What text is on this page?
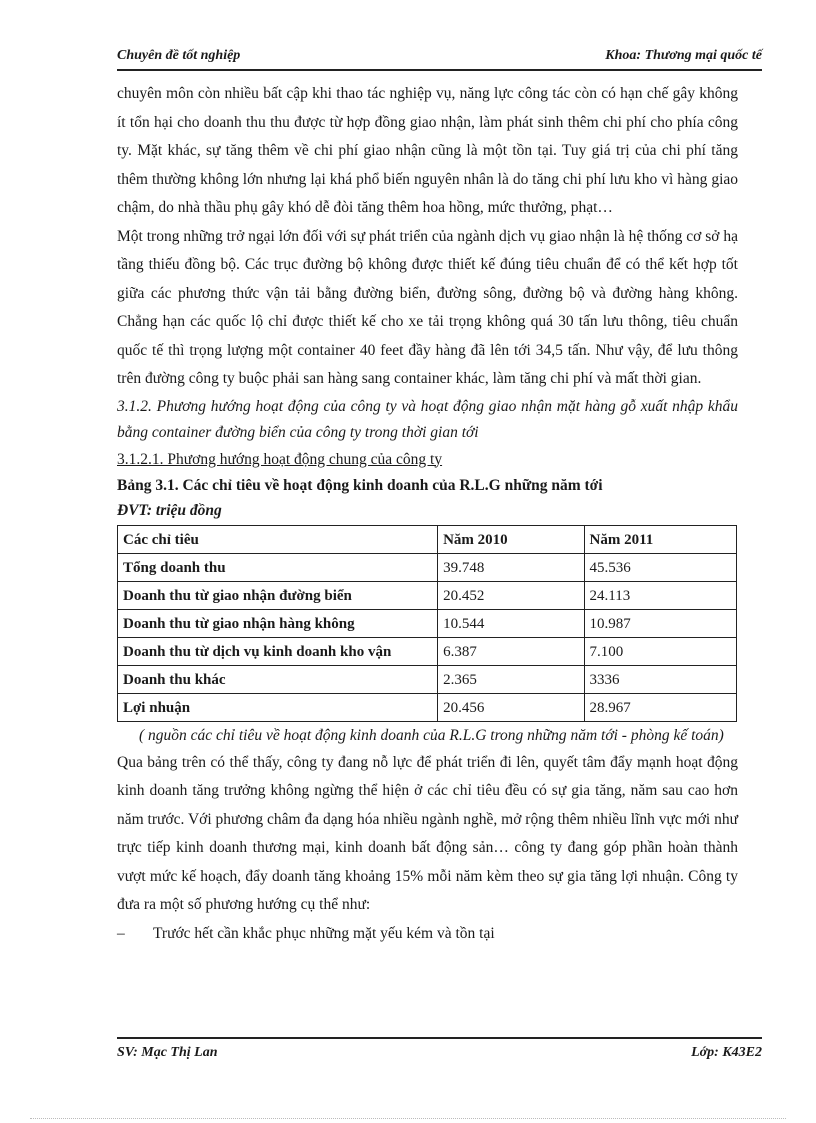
Chuyên đề tốt nghiệp	Khoa: Thương mại quốc tế

chuyên môn còn nhiều bất cập khi thao tác nghiệp vụ, năng lực công tác còn có hạn chế gây không ít tổn hại cho doanh thu thu được từ hợp đồng giao nhận, làm phát sinh thêm chi phí cho phía công ty. Mặt khác, sự tăng thêm về chi phí giao nhận cũng là một tồn tại. Tuy giá trị của chi phí tăng thêm thường không lớn nhưng lại khá phổ biến nguyên nhân là do tăng chi phí lưu kho vì hàng giao chậm, do nhà thầu phụ gây khó dễ đòi tăng thêm hoa hồng, mức thưởng, phạt…

Một trong những trở ngại lớn đối với sự phát triển của ngành dịch vụ giao nhận là hệ thống cơ sở hạ tầng thiếu đồng bộ. Các trục đường bộ không được thiết kế đúng tiêu chuẩn để có thể kết hợp tốt giữa các phương thức vận tải bằng đường biển, đường sông, đường bộ và đường hàng không. Chẳng hạn các quốc lộ chỉ được thiết kế cho xe tải trọng không quá 30 tấn lưu thông, tiêu chuẩn quốc tế thì trọng lượng một container 40 feet đầy hàng đã lên tới 34,5 tấn. Như vậy, để lưu thông trên đường công ty buộc phải san hàng sang container khác, làm tăng chi phí và mất thời gian.

3.1.2. Phương hướng hoạt động của công ty và hoạt động giao nhận mặt hàng gỗ xuất nhập khẩu bằng container đường biển của công ty trong thời gian tới

3.1.2.1. Phương hướng hoạt động chung của công ty

Bảng 3.1. Các chỉ tiêu về hoạt động kinh doanh của R.L.G những năm tới

ĐVT: triệu đồng

Các chỉ tiêu	Năm 2010	Năm 2011
Tổng doanh thu	39.748	45.536
Doanh thu từ giao nhận đường biển	20.452	24.113
Doanh thu từ giao nhận hàng không	10.544	10.987
Doanh thu từ dịch vụ kinh doanh kho vận	6.387	7.100
Doanh thu khác	2.365	3336
Lợi nhuận	20.456	28.967

( nguồn các chỉ tiêu về hoạt động kinh doanh của R.L.G trong những năm tới - phòng kế toán)

Qua bảng trên có thể thấy, công ty đang nỗ lực để phát triển đi lên, quyết tâm đẩy mạnh hoạt động kinh doanh tăng trưởng không ngừng thể hiện ở các chỉ tiêu đều có sự gia tăng, năm sau cao hơn năm trước. Với phương châm đa dạng hóa nhiều ngành nghề, mở rộng thêm nhiều lĩnh vực mới như trực tiếp kinh doanh thương mại, kinh doanh bất động sản… công ty đang góp phần hoàn thành vượt mức kế hoạch, đẩy doanh tăng khoảng 15% mỗi năm kèm theo sự gia tăng lợi nhuận. Công ty đưa ra một số phương hướng cụ thể như:

–	Trước hết cần khắc phục những mặt yếu kém và tồn tại
SV: Mạc Thị Lan	Lớp: K43E2
